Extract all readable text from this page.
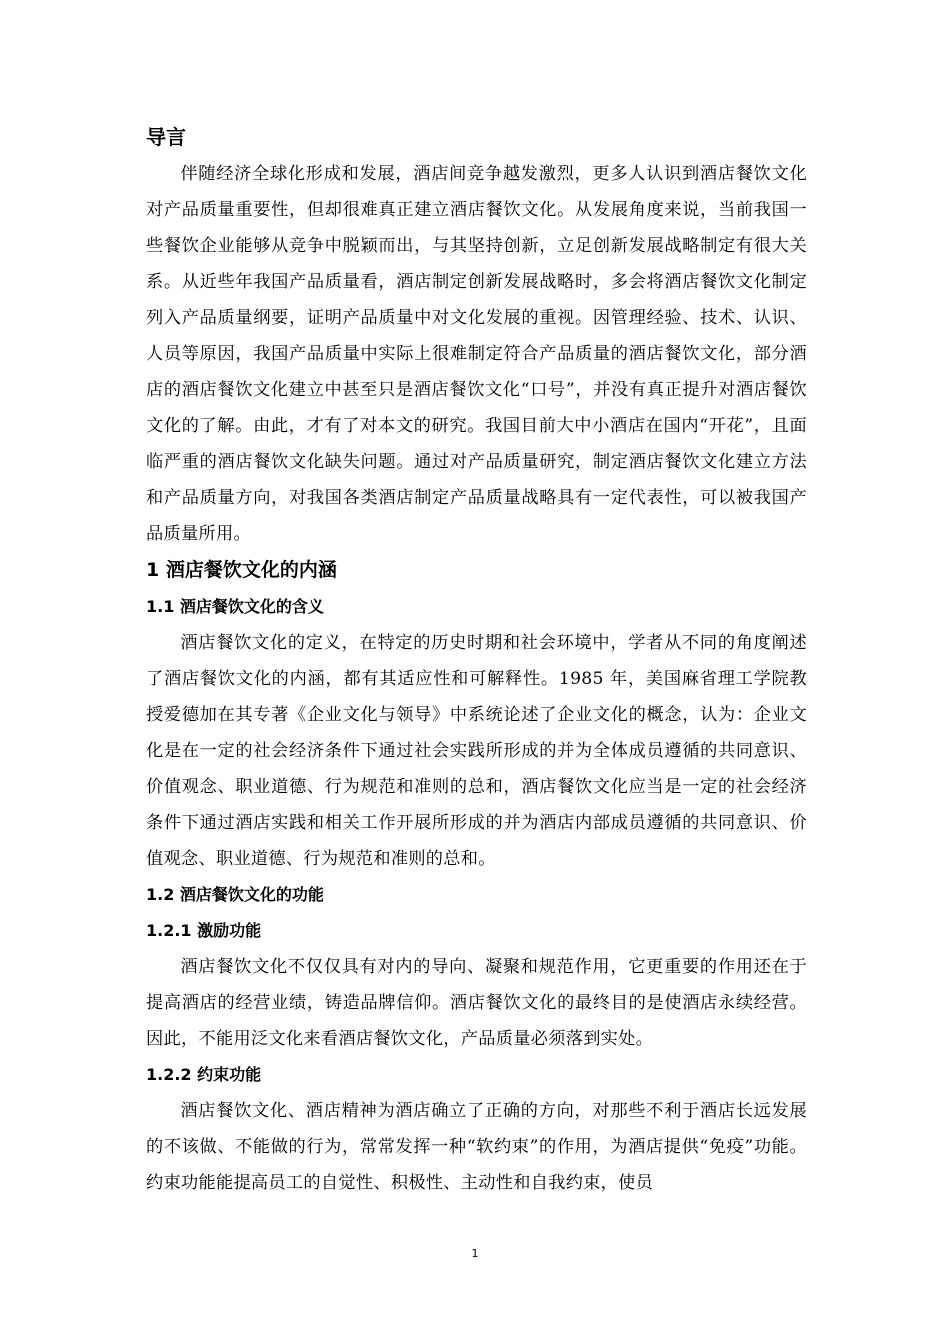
导言

伴随经济全球化形成和发展，酒店间竞争越发激烈，更多人认识到酒店餐饮文化对产品质量重要性，但却很难真正建立酒店餐饮文化。从发展角度来说，当前我国一些餐饮企业能够从竞争中脱颖而出，与其坚持创新，立足创新发展战略制定有很大关系。从近些年我国产品质量看，酒店制定创新发展战略时，多会将酒店餐饮文化制定列入产品质量纲要，证明产品质量中对文化发展的重视。因管理经验、技术、认识、人员等原因，我国产品质量中实际上很难制定符合产品质量的酒店餐饮文化，部分酒店的酒店餐饮文化建立中甚至只是酒店餐饮文化“口号”，并没有真正提升对酒店餐饮文化的了解。由此，才有了对本文的研究。我国目前大中小酒店在国内“开花”，且面临严重的酒店餐饮文化缺失问题。通过对产品质量研究，制定酒店餐饮文化建立方法和产品质量方向，对我国各类酒店制定产品质量战略具有一定代表性，可以被我国产品质量所用。

1 酒店餐饮文化的内涵
1.1 酒店餐饮文化的含义

酒店餐饮文化的定义，在特定的历史时期和社会环境中，学者从不同的角度阐述了酒店餐饮文化的内涵，都有其适应性和可解释性。1985 年，美国麻省理工学院教授爱德加在其专著《企业文化与领导》中系统论述了企业文化的概念，认为：企业文化是在一定的社会经济条件下通过社会实践所形成的并为全体成员遵循的共同意识、价值观念、职业道德、行为规范和准则的总和，酒店餐饮文化应当是一定的社会经济条件下通过酒店实践和相关工作开展所形成的并为酒店内部成员遵循的共同意识、价值观念、职业道德、行为规范和准则的总和。

1.2 酒店餐饮文化的功能
1.2.1 激励功能

酒店餐饮文化不仅仅具有对内的导向、凝聚和规范作用，它更重要的作用还在于提高酒店的经营业绩，铸造品牌信仰。酒店餐饮文化的最终目的是使酒店永续经营。因此，不能用泛文化来看酒店餐饮文化，产品质量必须落到实处。

1.2.2 约束功能

酒店餐饮文化、酒店精神为酒店确立了正确的方向，对那些不利于酒店长远发展的不该做、不能做的行为，常常发挥一种“软约束”的作用，为酒店提供“免疫”功能。约束功能能提高员工的自觉性、积极性、主动性和自我约束，使员

1
